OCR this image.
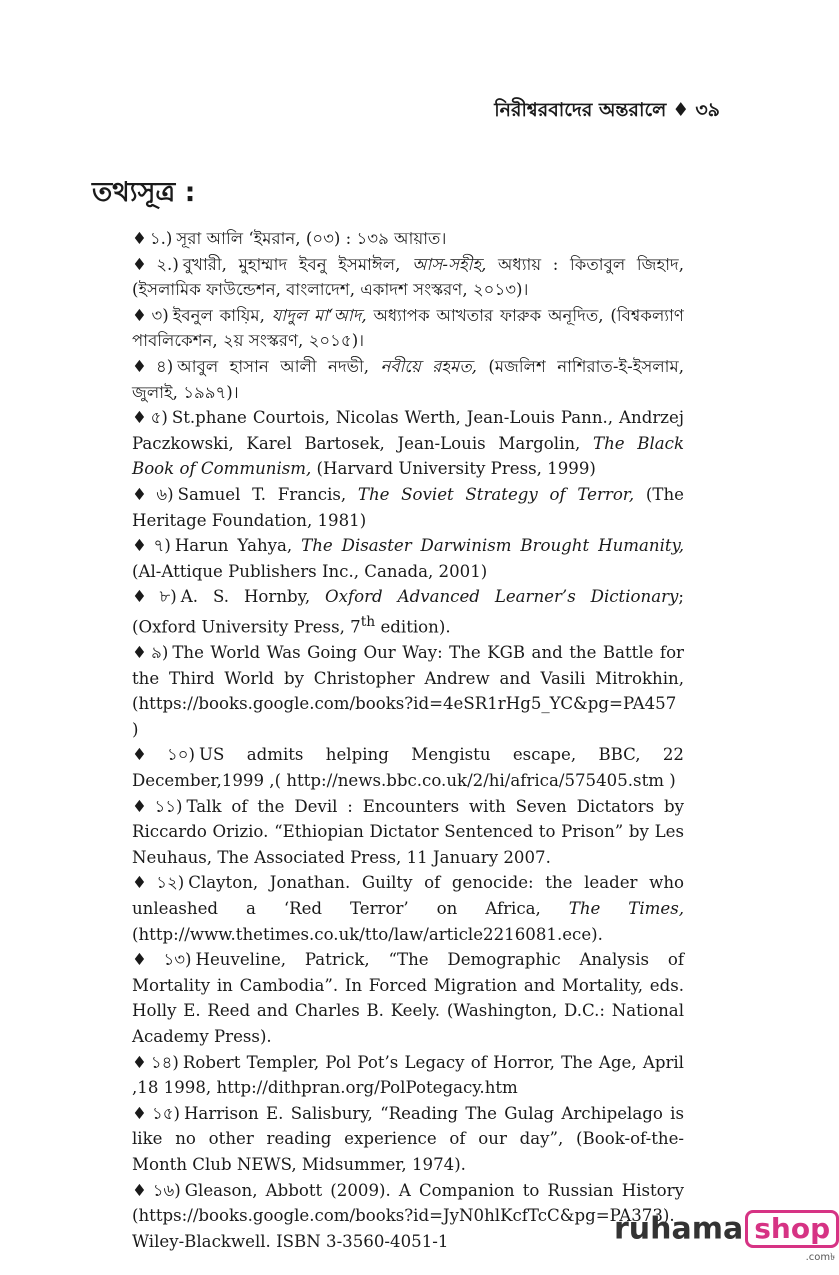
নিরীশ্বরবাদের অন্তরালে ♦ ৩৯
তথ্যসূত্র :

♦ ১.) সূরা আলি ‘ইমরান, (০৩) : ১৩৯ আয়াত।

♦ ২.) বুখারী, মুহাম্মাদ ইবনু ইসমাঈল, আস-সহীহ, অধ্যায় : কিতাবুল জিহাদ, (ইসলামিক ফাউন্ডেশন, বাংলাদেশ, একাদশ সংস্করণ, ২০১৩)।

♦ ৩) ইবনুল কাযি়ম, যাদুল মা‘আদ, অধ্যাপক আখতার ফারুক অনূদিত, (বিশ্বকল্যাণ পাবলিকেশন, ২য় সংস্করণ, ২০১৫)।

♦ ৪) আবুল হাসান আলী নদভী, নবীয়ে রহমত, (মজলিশ নাশিরাত-ই-ইসলাম, জুলাই, ১৯৯৭)।

♦ ৫) St.phane Courtois, Nicolas Werth, Jean-Louis Pann., Andrzej Paczkowski, Karel Bartosek, Jean-Louis Margolin, The Black Book of Communism, (Harvard University Press, 1999)

♦ ৬) Samuel T. Francis, The Soviet Strategy of Terror, (The Heritage Foundation, 1981)

♦ ৭) Harun Yahya, The Disaster Darwinism Brought Humanity, (Al-Attique Publishers Inc., Canada, 2001)

♦ ৮) A. S. Hornby, Oxford Advanced Learner’s Dictionary; (Oxford University Press, 7th edition).

♦ ৯) The World Was Going Our Way: The KGB and the Battle for the Third World by Christopher Andrew and Vasili Mitrokhin, (https://books.google.com/books?id=4eSR1rHg5_YC&pg=PA457 )

♦ ১০) US admits helping Mengistu escape, BBC, 22 December,1999 ,( http://news.bbc.co.uk/2/hi/africa/575405.stm )

♦ ১১) Talk of the Devil : Encounters with Seven Dictators by Riccardo Orizio. “Ethiopian Dictator Sentenced to Prison” by Les Neuhaus, The Associated Press, 11 January 2007.

♦ ১২) Clayton, Jonathan. Guilty of genocide: the leader who unleashed a ‘Red Terror’ on Africa, The Times, (http://www.thetimes.co.uk/tto/law/article2216081.ece).

♦ ১৩) Heuveline, Patrick, “The Demographic Analysis of Mortality in Cambodia”. In Forced Migration and Mortality, eds. Holly E. Reed and Charles B. Keely. (Washington, D.C.: National Academy Press).

♦ ১৪) Robert Templer, Pol Pot’s Legacy of Horror, The Age, April ,18 1998, http://dithpran.org/PolPotegacy.htm

♦ ১৫) Harrison E. Salisbury, “Reading The Gulag Archipelago is like no other reading experience of our day”, (Book-of-the- Month Club NEWS, Midsummer, 1974).

♦ ১৬) Gleason, Abbott (2009). A Companion to Russian History (https://books.google.com/books?id=JyN0hlKcfTcC&pg=PA373). Wiley-Blackwell. ISBN 3-3560-4051-1	ruhama shop
.com৳
